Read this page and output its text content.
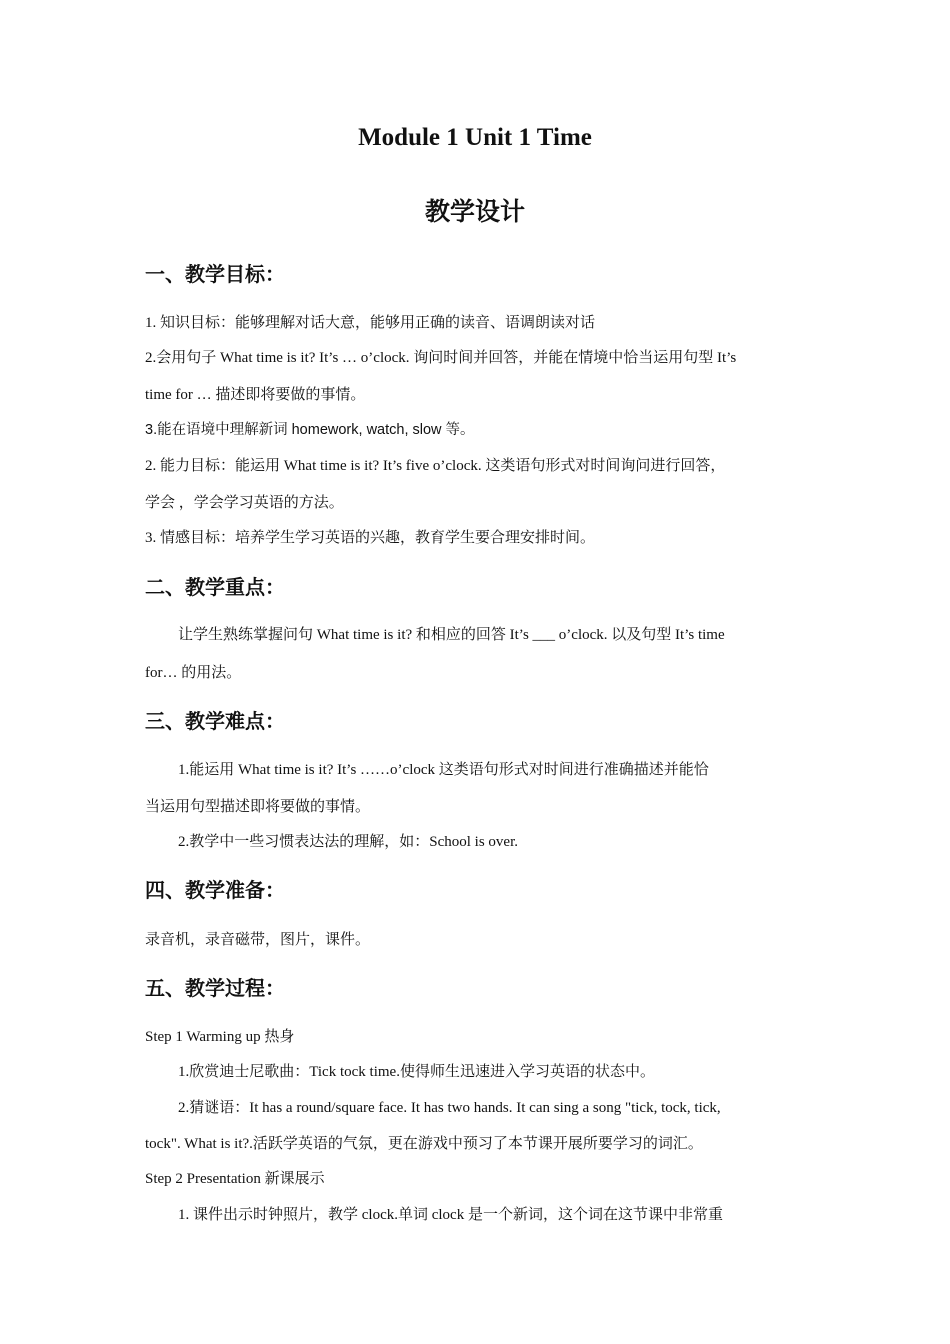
Module 1 Unit 1 Time
教学设计
一、教学目标：
1. 知识目标：能够理解对话大意，能够用正确的读音、语调朗读对话
2.会用句子 What time is it? It’s … o’clock. 询问时间并回答，并能在情境中恰当运用句型 It’s
time for … 描述即将要做的事情。
3.能在语境中理解新词 homework, watch, slow 等。
2. 能力目标：能运用 What time is it? It’s five o’clock. 这类语句形式对时间询问进行回答，
学会 ，学会学习英语的方法。
3. 情感目标：培养学生学习英语的兴趣，教育学生要合理安排时间。
二、教学重点：
让学生熟练掌握问句 What time is it? 和相应的回答 It’s ___ o’clock. 以及句型 It’s time
for… 的用法。
三、教学难点：
1.能运用 What time is it? It’s ……o’clock 这类语句形式对时间进行准确描述并能恰
当运用句型描述即将要做的事情。
2.教学中一些习惯表达法的理解，如：School is over.
四、教学准备：
录音机，录音磁带，图片，课件。
五、教学过程：
Step 1 Warming up 热身
1.欣赏迪士尼歌曲：Tick tock time.使得师生迅速进入学习英语的状态中。
2.猜谜语：It has a round/square face. It has two hands. It can sing a song "tick, tock, tick,
tock". What is it?.活跃学英语的气氛，更在游戏中预习了本节课开展所要学习的词汇。
Step 2 Presentation 新课展示
1. 课件出示时钟照片，教学 clock.单词 clock 是一个新词，这个词在这节课中非常重
